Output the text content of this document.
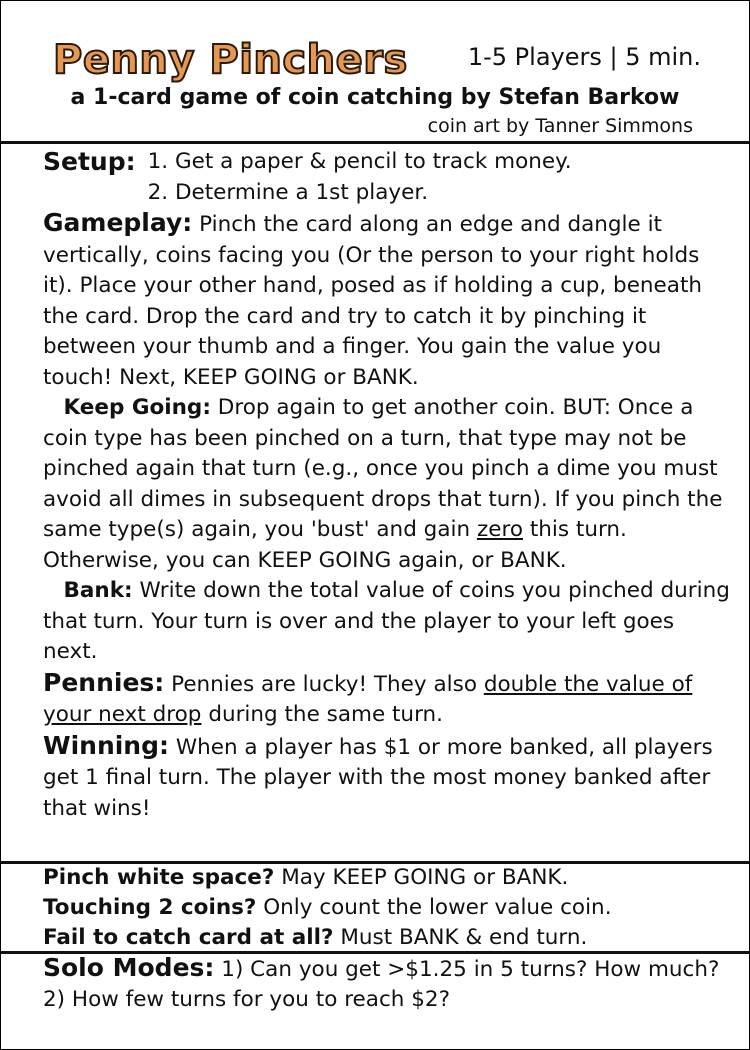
Penny Pinchers	1-5 Players | 5 min.
a 1-card game of coin catching by Stefan Barkow
coin art by Tanner Simmons
Setup: 1. Get a paper & pencil to track money.
2. Determine a 1st player.

Gameplay: Pinch the card along an edge and dangle it vertically, coins facing you (Or the person to your right holds it). Place your other hand, posed as if holding a cup, beneath the card. Drop the card and try to catch it by pinching it between your thumb and a finger. You gain the value you touch! Next, KEEP GOING or BANK.

Keep Going: Drop again to get another coin. BUT: Once a coin type has been pinched on a turn, that type may not be pinched again that turn (e.g., once you pinch a dime you must avoid all dimes in subsequent drops that turn). If you pinch the same type(s) again, you 'bust' and gain zero this turn. Otherwise, you can KEEP GOING again, or BANK.

Bank: Write down the total value of coins you pinched during that turn. Your turn is over and the player to your left goes next.

Pennies: Pennies are lucky! They also double the value of your next drop during the same turn.

Winning: When a player has $1 or more banked, all players get 1 final turn. The player with the most money banked after that wins!

Pinch white space? May KEEP GOING or BANK.

Touching 2 coins? Only count the lower value coin.

Fail to catch card at all? Must BANK & end turn.

Solo Modes: 1) Can you get >$1.25 in 5 turns? How much? 2) How few turns for you to reach $2?
